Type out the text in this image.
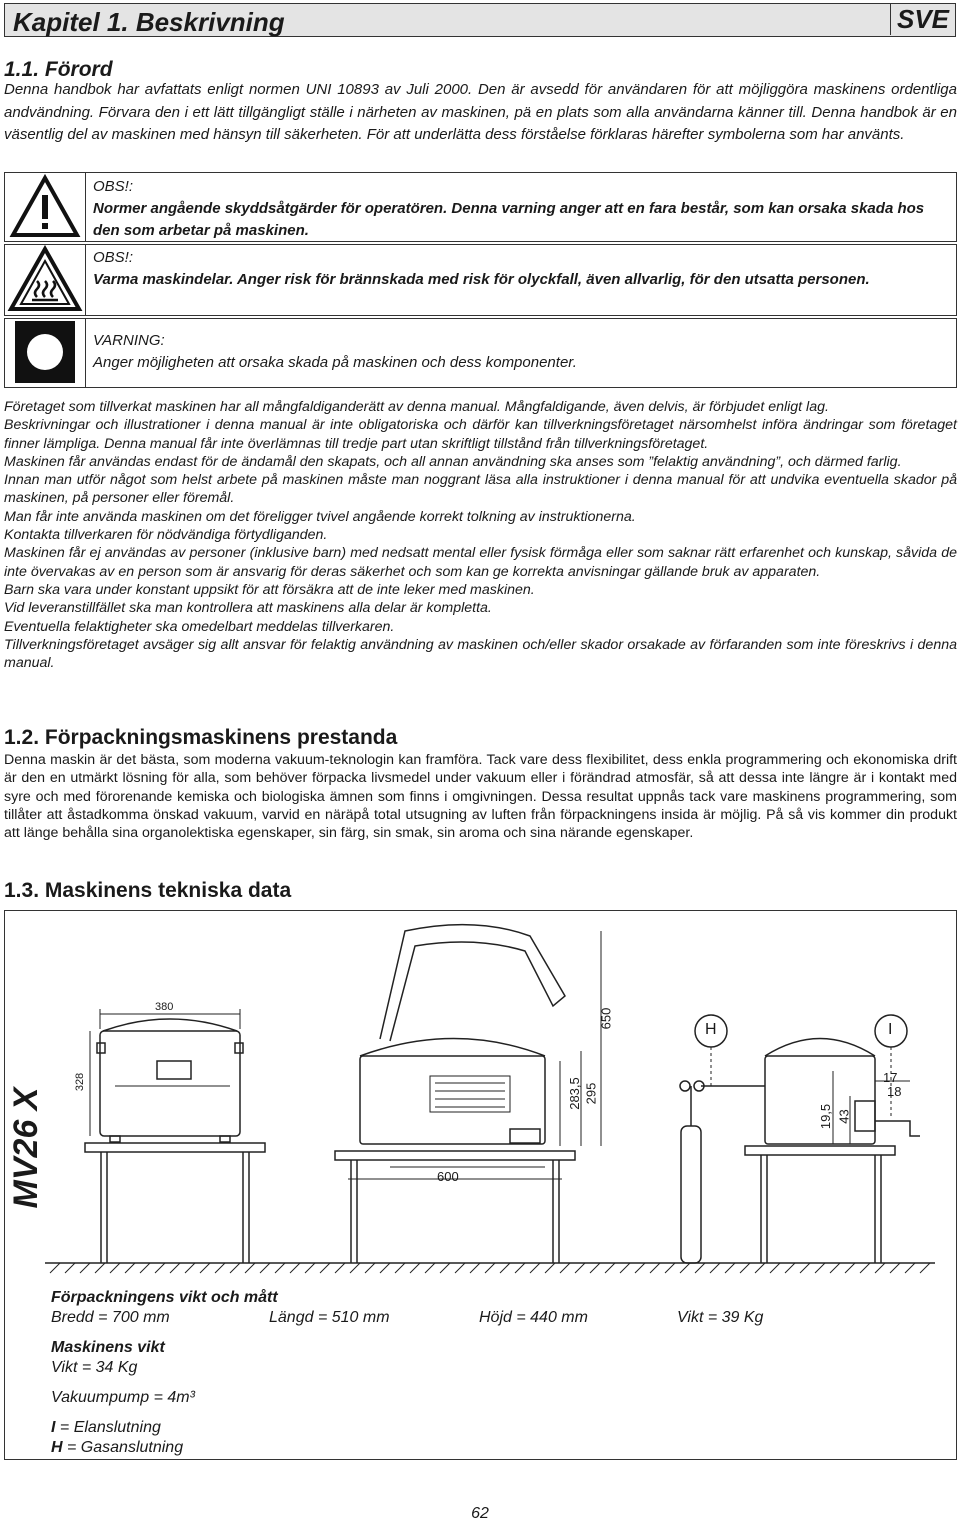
Kapitel 1. Beskrivning	SVE
1.1. Förord
Denna handbok har avfattats enligt normen UNI 10893 av Juli 2000. Den är avsedd för användaren för att möjliggöra maskinens ordentliga andvändning. Förvara den i ett lätt tillgängligt ställe i närheten av maskinen, pä en plats som alla användarna känner till. Denna handbok är en väsentlig del av maskinen med hänsyn till säkerheten. För att underlätta dess förståelse förklaras härefter symbolerna som har använts.
OBS!:
Normer angående skyddsåtgärder för operatören. Denna varning anger att en fara består, som kan orsaka skada hos den som arbetar på maskinen.
OBS!:
Varma maskindelar. Anger risk för brännskada med risk för olyckfall, även allvarlig, för den utsatta personen.
VARNING:
Anger möjligheten att orsaka skada på maskinen och dess komponenter.

Företaget som tillverkat maskinen har all mångfaldiganderätt av denna manual. Mångfaldigande, även delvis, är förbjudet enligt lag.

Beskrivningar och illustrationer i denna manual är inte obligatoriska och därför kan tillverkningsföretaget närsomhelst införa ändringar som företaget finner lämpliga. Denna manual får inte överlämnas till tredje part utan skriftligt tillstånd från tillverkningsföretaget.

Maskinen får användas endast för de ändamål den skapats, och all annan användning ska anses som ”felaktig användning”, och därmed farlig.

Innan man utför något som helst arbete på maskinen måste man noggrant läsa alla instruktioner i denna manual för att undvika eventuella skador på maskinen, på personer eller föremål.

Man får inte använda maskinen om det föreligger tvivel angående korrekt tolkning av instruktionerna.

Kontakta tillverkaren för nödvändiga förtydliganden.

Maskinen får ej användas av personer (inklusive barn) med nedsatt mental eller fysisk förmåga eller som saknar rätt erfarenhet och kunskap, såvida de inte övervakas av en person som är ansvarig för deras säkerhet och som kan ge korrekta anvisningar gällande bruk av apparaten.

Barn ska vara under konstant uppsikt för att försäkra att de inte leker med maskinen.

Vid leveranstillfället ska man kontrollera att maskinens alla delar är kompletta.

Eventuella felaktigheter ska omedelbart meddelas tillverkaren.

Tillverkningsföretaget avsäger sig allt ansvar för felaktig användning av maskinen och/eller skador orsakade av förfaranden som inte föreskrivs i denna manual.

1.2. Förpackningsmaskinens prestanda
Denna maskin är det bästa, som moderna vakuum-teknologin kan framföra. Tack vare dess flexibilitet, dess enkla programmering och ekonomiska drift är den en utmärkt lösning för alla, som behöver förpacka livsmedel under vakuum eller i förändrad atmosfär, så att dessa inte längre är i kontakt med syre och med förorenande kemiska och biologiska ämnen som finns i omgivningen. Dessa resultat uppnås tack vare maskinens programmering, som tillåter att åstadkomma önskad vakuum, varvid en näräpå total utsugning av luften från förpackningens insida är möjlig. På så vis kommer din produkt att länge behålla sina organolektiska egenskaper, sin färg, sin smak, sin aroma och sina närande egenskaper.
1.3. Maskinens tekniska data
MV26 X
380
328
650
283,5 295
600
17
18
19,5 43
H	I
Förpackningens vikt och mått
Bredd = 700 mm	Längd = 510 mm	Höjd = 440 mm	Vikt = 39 Kg
Maskinens vikt
Vikt = 34 Kg
Vakuumpump = 4m³
I = Elanslutning
H = Gasanslutning
62
